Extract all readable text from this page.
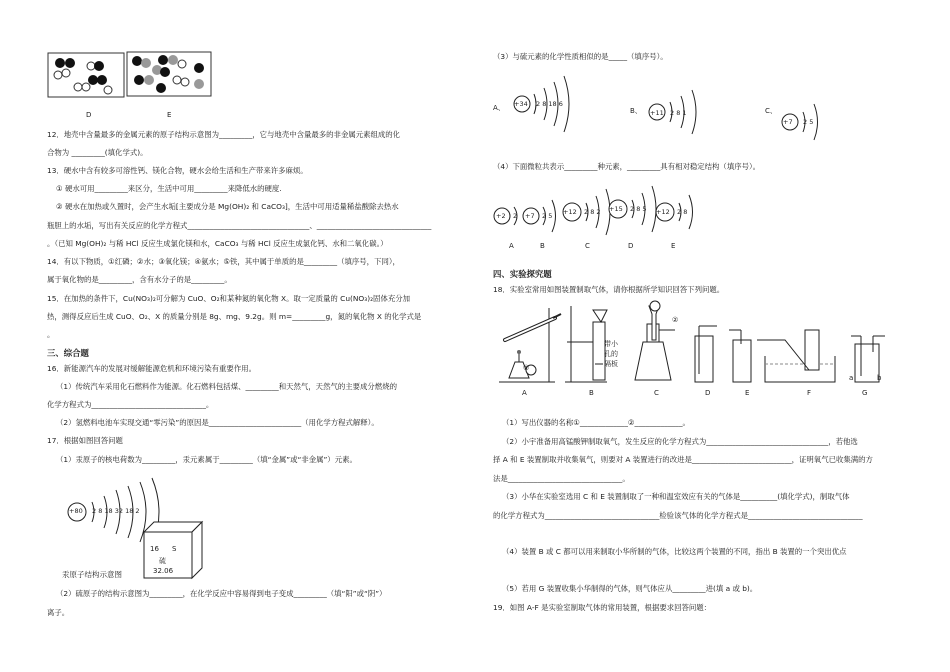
D	E
12．地壳中含量最多的金属元素的原子结构示意图为_________，它与地壳中含量最多的非金属元素组成的化
合物为 _________(填化学式)。
13．硬水中含有较多可溶性钙、镁化合物，硬水会给生活和生产带来许多麻烦。
① 硬水可用_________来区分，生活中可用_________来降低水的硬度.
② 硬水在加热或久置时，会产生水垢[主要成分是 Mg(OH)₂ 和 CaCO₃]，生活中可用适量稀盐酸除去热水
瓶胆上的水垢，写出有关反应的化学方程式_________________________________、_______________________________
。（已知 Mg(OH)₂ 与稀 HCl 反应生成氯化镁和水，CaCO₃ 与稀 HCl 反应生成氯化钙、水和二氧化碳。）
14．有以下物质，①红磷；②水；③氧化镁；④氨水；⑤铁，其中属于单质的是_________（填序号，下同），
属于氧化物的是_________，含有水分子的是_________。
15．在加热的条件下，Cu(NO₃)₂可分解为 CuO、O₂和某种氮的氧化物 X。取一定质量的 Cu(NO₃)₂固体充分加
热，测得反应后生成 CuO、O₂、X 的质量分别是 8g、mg、9.2g。则 m=_________g，氮的氧化物 X 的化学式是
。
三、综合题
16．新能源汽车的发展对缓解能源危机和环境污染有重要作用。
（1）传统汽车采用化石燃料作为能源。化石燃料包括煤、_________和天然气，天然气的主要成分燃烧的
化学方程式为_______________________________。
（2）氢燃料电池车实现交通“零污染”的原因是_________________________（用化学方程式解释）。
17．根据如图回答问题
（1）汞原子的核电荷数为_________，汞元素属于_________（填“金属”或“非金属”）元素。
+80 2 8 18 32 18 2
16 S
硫
32.06
汞原子结构示意图
（2）硫原子的结构示意图为_________，在化学反应中容易得到电子变成_________（填“阳”或“阴”）
离子。
（3）与硫元素的化学性质相似的是_____（填序号）。
A、 +34 2 8 18 6
B、 +11 2 8 1	C、
+7 2 5
（4）下面微粒共表示_________种元素，_________具有相对稳定结构（填序号）。
+2 2 +7 2 5 +12 2 8 2 +15 2 8 5 +12 2 8
A	B	C	D	E
四、实验探究题
18．实验室常用如图装置制取气体，请你根据所学知识回答下列问题。
①
②
带小
孔的
隔板
a	b
A	B	C	D	E	F	G
（1）写出仪器的名称①_____________②_____________。
（2）小宇准备用高锰酸钾制取氧气，发生反应的化学方程式为_________________________________，若他选
择 A 和 E 装置制取并收集氧气，则要对 A 装置进行的改进是___________________________，证明氧气已收集满的方
法是_______________________________。
（3）小华在实验室选用 C 和 E 装置制取了一种和温室效应有关的气体是__________(填化学式)，制取气体
的化学方程式为_______________________________检验该气体的化学方程式是_______________________________
（4）装置 B 或 C 都可以用来制取小华所制的气体，比较这两个装置的不同，指出 B 装置的一个突出优点
（5）若用 G 装置收集小华制得的气体，则气体应从_________进(填 a 或 b)。
19．如图 A-F 是实验室制取气体的常用装置，根据要求回答问题：
